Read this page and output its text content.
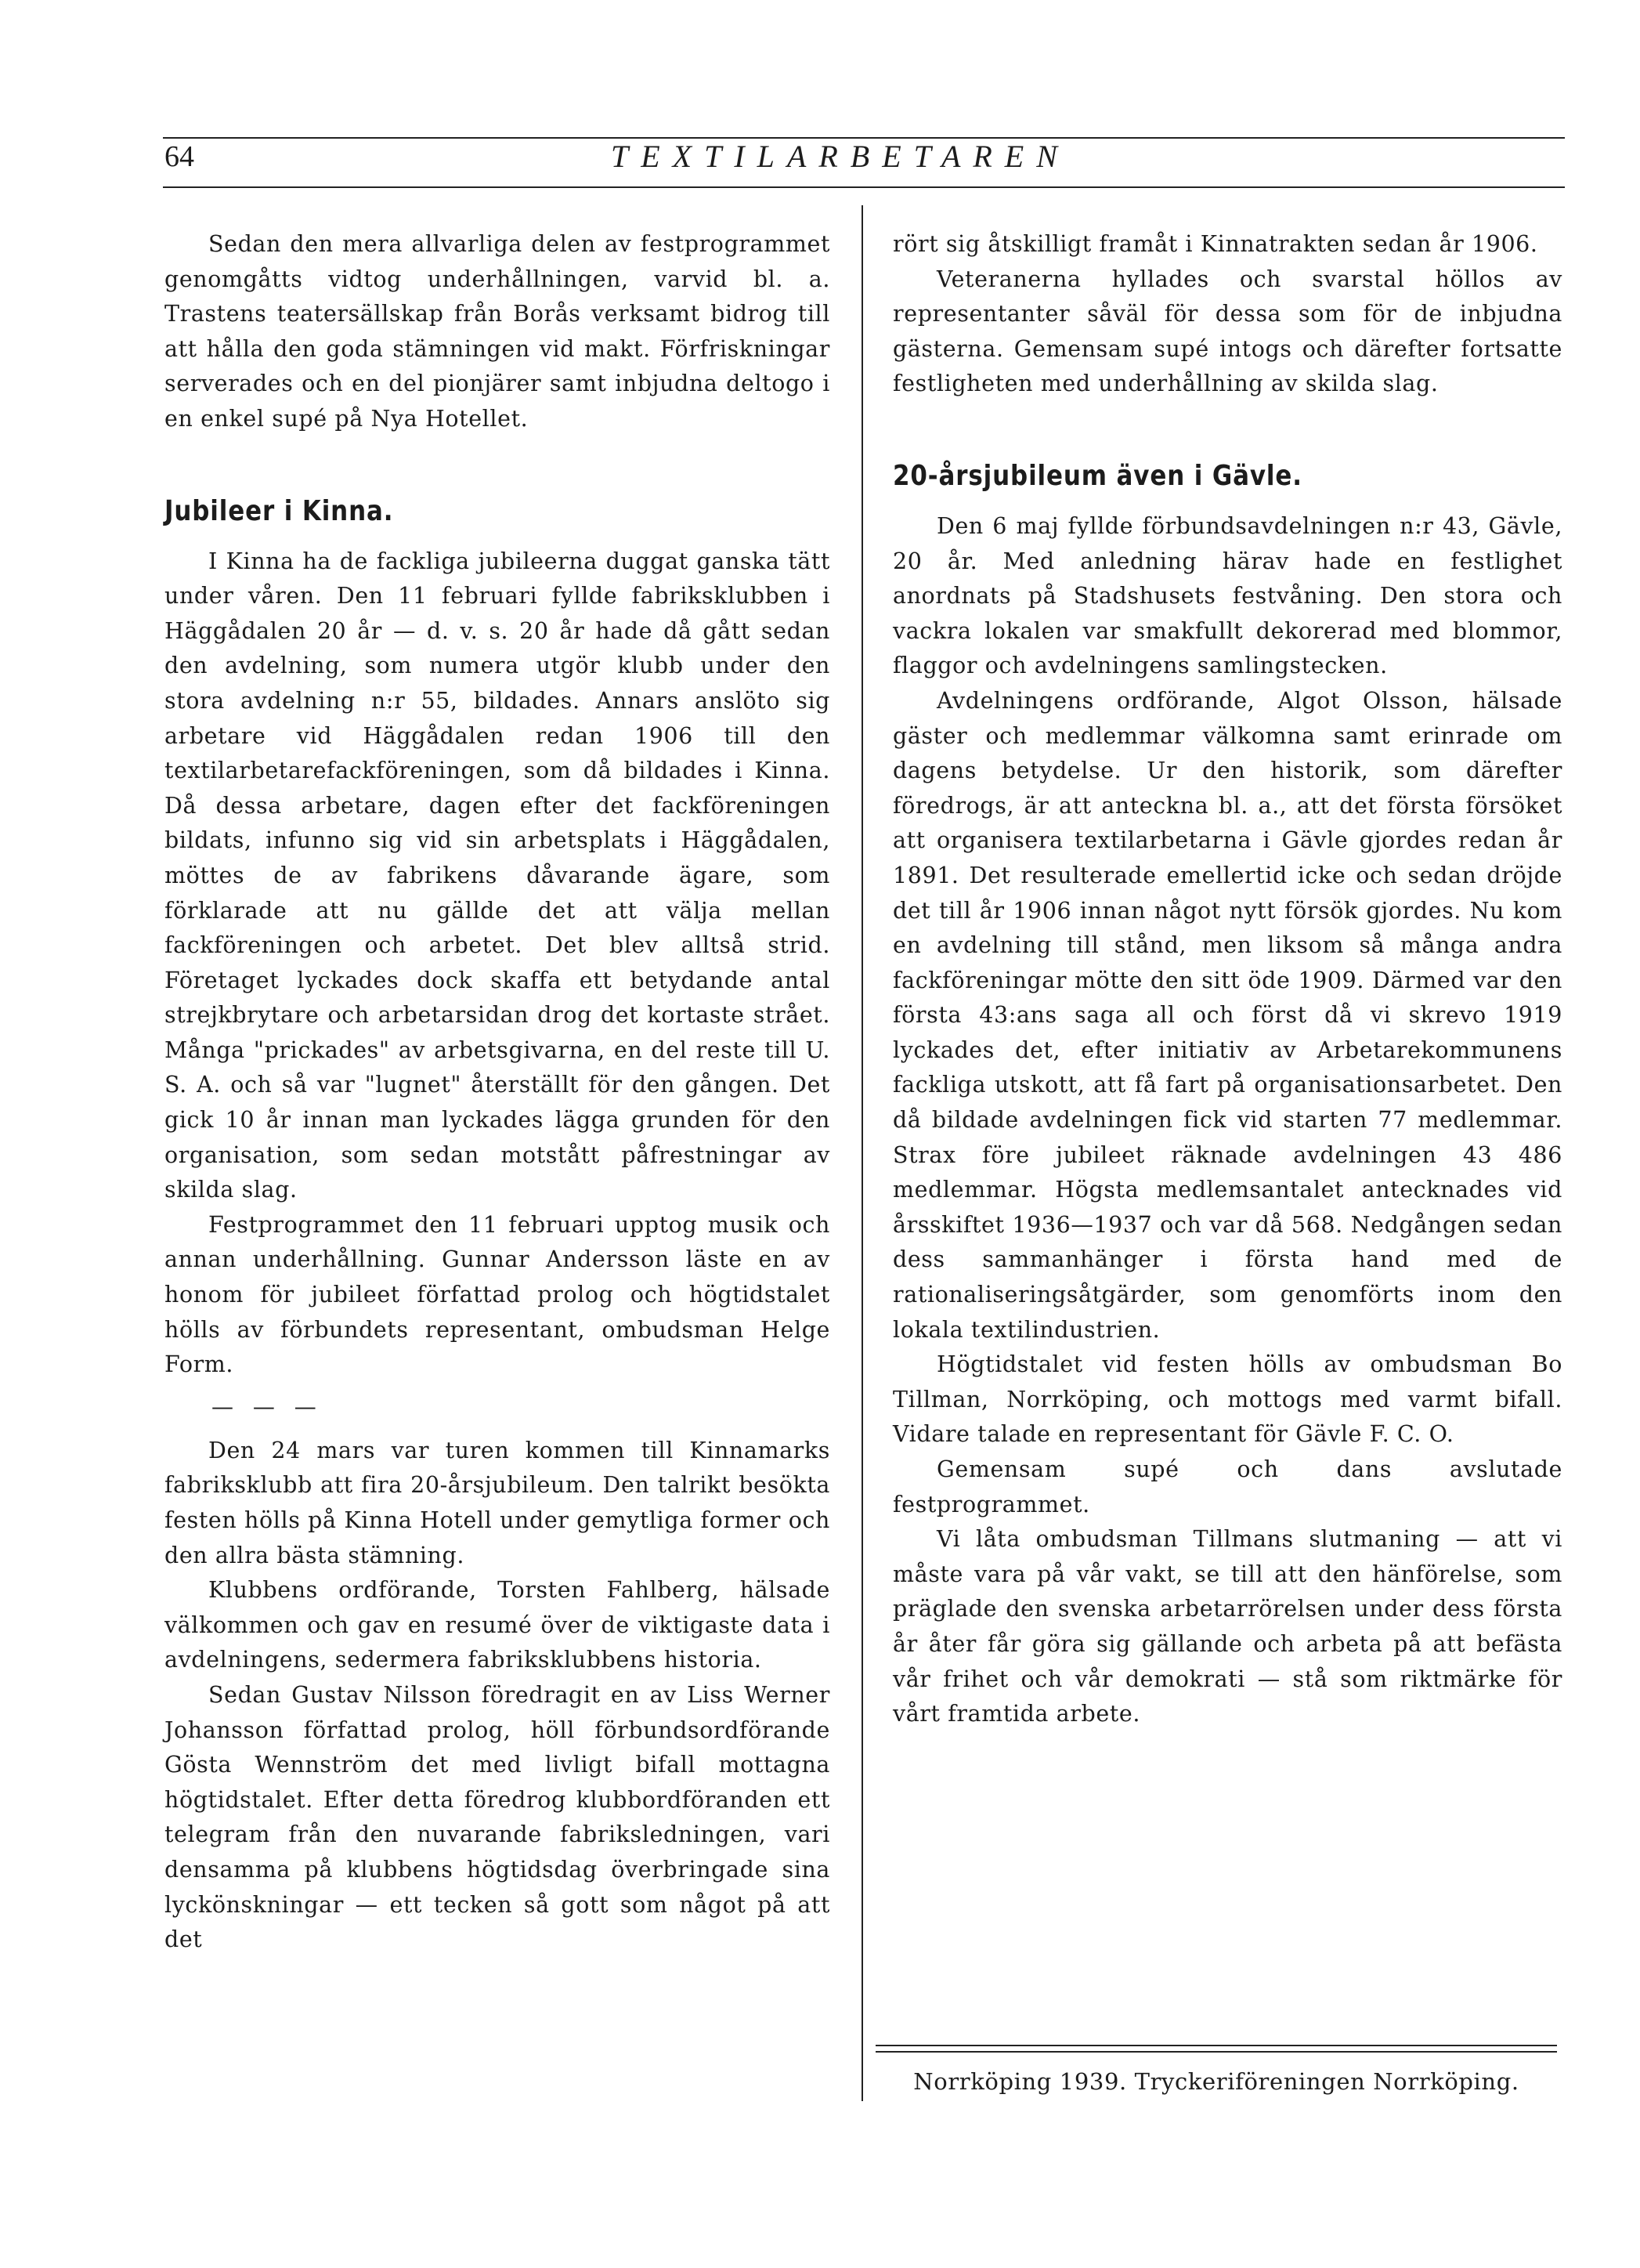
64	TEXTILARBETAREN

Sedan den mera allvarliga delen av festprogrammet genomgåtts vidtog underhållningen, varvid bl. a. Trastens teatersällskap från Borås verksamt bidrog till att hålla den goda stämningen vid makt. Förfriskningar serverades och en del pionjärer samt inbjudna deltogo i en enkel supé på Nya Hotellet.

Jubileer i Kinna.

I Kinna ha de fackliga jubileerna duggat ganska tätt under våren. Den 11 februari fyllde fabriksklubben i Häggådalen 20 år — d. v. s. 20 år hade då gått sedan den avdelning, som numera utgör klubb under den stora avdelning n:r 55, bildades. Annars anslöto sig arbetare vid Häggådalen redan 1906 till den textilarbetarefackföreningen, som då bildades i Kinna. Då dessa arbetare, dagen efter det fackföreningen bildats, infunno sig vid sin arbetsplats i Häggådalen, möttes de av fabrikens dåvarande ägare, som förklarade att nu gällde det att välja mellan fackföreningen och arbetet. Det blev alltså strid. Företaget lyckades dock skaffa ett betydande antal strejkbrytare och arbetarsidan drog det kortaste strået. Många "prickades" av arbetsgivarna, en del reste till U. S. A. och så var "lugnet" återställt för den gången. Det gick 10 år innan man lyckades lägga grunden för den organisation, som sedan motstått påfrestningar av skilda slag.

Festprogrammet den 11 februari upptog musik och annan underhållning. Gunnar Andersson läste en av honom för jubileet författad prolog och högtidstalet hölls av förbundets representant, ombudsman Helge Form.

— — —

Den 24 mars var turen kommen till Kinnamarks fabriksklubb att fira 20-årsjubileum. Den talrikt besökta festen hölls på Kinna Hotell under gemytliga former och den allra bästa stämning.

Klubbens ordförande, Torsten Fahlberg, hälsade välkommen och gav en resumé över de viktigaste data i avdelningens, sedermera fabriksklubbens historia.

Sedan Gustav Nilsson föredragit en av Liss Werner Johansson författad prolog, höll förbundsordförande Gösta Wennström det med livligt bifall mottagna högtidstalet. Efter detta föredrog klubbordföranden ett telegram från den nuvarande fabriksledningen, vari densamma på klubbens högtidsdag överbringade sina lyckönskningar — ett tecken så gott som något på att det

rört sig åtskilligt framåt i Kinnatrakten sedan år 1906.

Veteranerna hyllades och svarstal höllos av representanter såväl för dessa som för de inbjudna gästerna. Gemensam supé intogs och därefter fortsatte festligheten med underhållning av skilda slag.

20-årsjubileum även i Gävle.

Den 6 maj fyllde förbundsavdelningen n:r 43, Gävle, 20 år. Med anledning härav hade en festlighet anordnats på Stadshusets festvåning. Den stora och vackra lokalen var smakfullt dekorerad med blommor, flaggor och avdelningens samlingstecken.

Avdelningens ordförande, Algot Olsson, hälsade gäster och medlemmar välkomna samt erinrade om dagens betydelse. Ur den historik, som därefter föredrogs, är att anteckna bl. a., att det första försöket att organisera textilarbetarna i Gävle gjordes redan år 1891. Det resulterade emellertid icke och sedan dröjde det till år 1906 innan något nytt försök gjordes. Nu kom en avdelning till stånd, men liksom så många andra fackföreningar mötte den sitt öde 1909. Därmed var den första 43:ans saga all och först då vi skrevo 1919 lyckades det, efter initiativ av Arbetarekommunens fackliga utskott, att få fart på organisationsarbetet. Den då bildade avdelningen fick vid starten 77 medlemmar. Strax före jubileet räknade avdelningen 43 486 medlemmar. Högsta medlemsantalet antecknades vid årsskiftet 1936—1937 och var då 568. Nedgången sedan dess sammanhänger i första hand med de rationaliseringsåtgärder, som genomförts inom den lokala textilindustrien.

Högtidstalet vid festen hölls av ombudsman Bo Tillman, Norrköping, och mottogs med varmt bifall. Vidare talade en representant för Gävle F. C. O.

Gemensam supé och dans avslutade festprogrammet.

Vi låta ombudsman Tillmans slutmaning — att vi måste vara på vår vakt, se till att den hänförelse, som präglade den svenska arbetarrörelsen under dess första år åter får göra sig gällande och arbeta på att befästa vår frihet och vår demokrati — stå som riktmärke för vårt framtida arbete.

Norrköping 1939. Tryckeriföreningen Norrköping.
